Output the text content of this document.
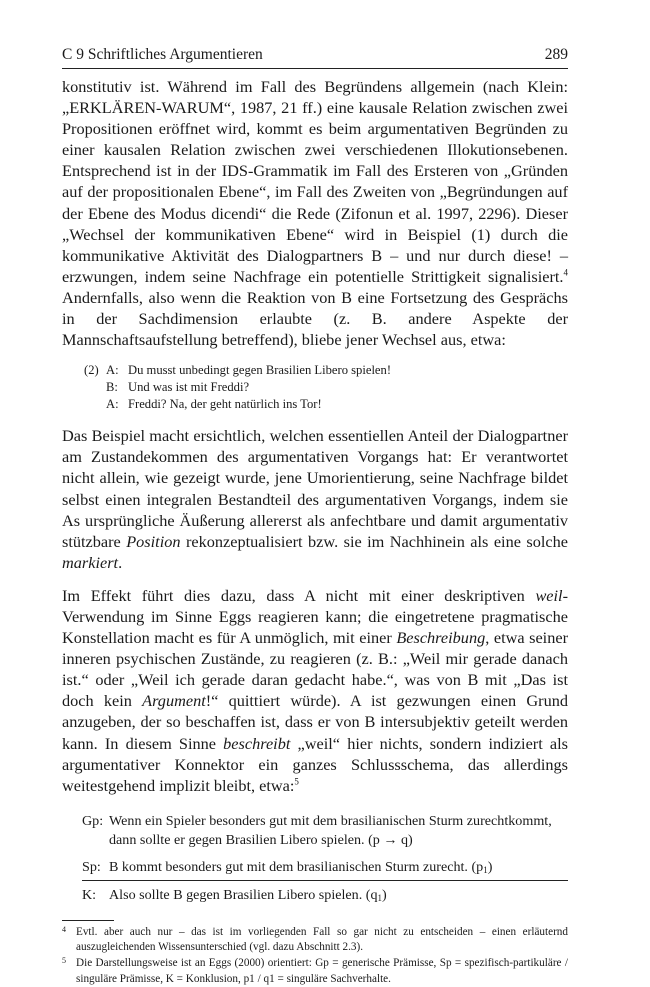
C 9 Schriftliches Argumentieren	289

konstitutiv ist. Während im Fall des Begründens allgemein (nach Klein: „ERKLÄREN-WARUM“, 1987, 21 ff.) eine kausale Relation zwischen zwei Propositionen eröffnet wird, kommt es beim argumentativen Begründen zu einer kausalen Relation zwischen zwei verschiedenen Illokutionsebenen. Entsprechend ist in der IDS-Grammatik im Fall des Ersteren von „Gründen auf der propositionalen Ebene“, im Fall des Zweiten von „Begründungen auf der Ebene des Modus dicendi“ die Rede (Zifonun et al. 1997, 2296). Dieser „Wechsel der kommunikativen Ebene“ wird in Beispiel (1) durch die kommunikative Aktivität des Dialogpartners B – und nur durch diese! – erzwungen, indem seine Nachfrage ein potentielle Strittigkeit signalisiert.$^4$ Andernfalls, also wenn die Reaktion von B eine Fortsetzung des Gesprächs in der Sachdimension erlaubte (z. B. andere Aspekte der Mannschaftsaufstellung betreffend), bliebe jener Wechsel aus, etwa:

(2) A: Du musst unbedingt gegen Brasilien Libero spielen!
B: Und was ist mit Freddi?
A: Freddi? Na, der geht natürlich ins Tor!

Das Beispiel macht ersichtlich, welchen essentiellen Anteil der Dialogpartner am Zustandekommen des argumentativen Vorgangs hat: Er verantwortet nicht allein, wie gezeigt wurde, jene Umorientierung, seine Nachfrage bildet selbst einen integralen Bestandteil des argumentativen Vorgangs, indem sie As ursprüngliche Äußerung allererst als anfechtbare und damit argumentativ stützbare Position rekonzeptualisiert bzw. sie im Nachhinein als eine solche markiert.

Im Effekt führt dies dazu, dass A nicht mit einer deskriptiven weil-Verwendung im Sinne Eggs reagieren kann; die eingetretene pragmatische Konstellation macht es für A unmöglich, mit einer Beschreibung, etwa seiner inneren psychischen Zustände, zu reagieren (z. B.: „Weil mir gerade danach ist.“ oder „Weil ich gerade daran gedacht habe.“, was von B mit „Das ist doch kein Argument!“ quittiert würde). A ist gezwungen einen Grund anzugeben, der so beschaffen ist, dass er von B intersubjektiv geteilt werden kann. In diesem Sinne beschreibt „weil“ hier nichts, sondern indiziert als argumentativer Konnektor ein ganzes Schlussschema, das allerdings weitestgehend implizit bleibt, etwa:$^5$

Gp: Wenn ein Spieler besonders gut mit dem brasilianischen Sturm zurechtkommt, dann sollte er gegen Brasilien Libero spielen. (p → q)
Sp: B kommt besonders gut mit dem brasilianischen Sturm zurecht. $(p_1)$
K: Also sollte B gegen Brasilien Libero spielen. $(q_1)$
4 Evtl. aber auch nur – das ist im vorliegenden Fall so gar nicht zu entscheiden – einen erläuternd auszugleichenden Wissensunterschied (vgl. dazu Abschnitt 2.3).
5 Die Darstellungsweise ist an Eggs (2000) orientiert: Gp = generische Prämisse, Sp = spezifisch-partikuläre / singuläre Prämisse, K = Konklusion, p1 / q1 = singuläre Sachverhalte.
